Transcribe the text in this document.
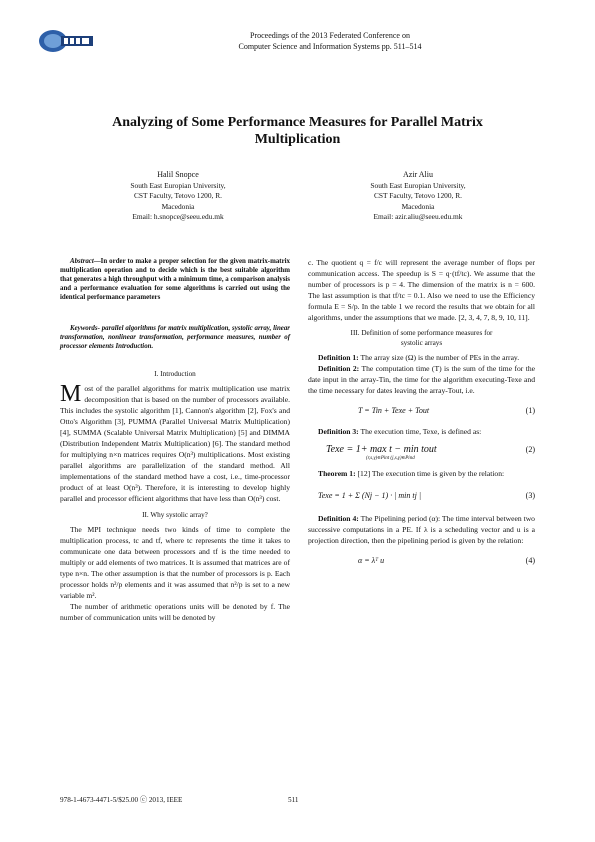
Proceedings of the 2013 Federated Conference on
Computer Science and Information Systems pp. 511–514
Analyzing of Some Performance Measures for Parallel Matrix
Multiplication
Halil Snopce
South East Europian University,
CST Faculty, Tetovo 1200, R.
Macedonia
Email: h.snopce@seeu.edu.mk
Azir Aliu
South East Europian University,
CST Faculty, Tetovo 1200, R.
Macedonia
Email: azir.aliu@seeu.edu.mk

Abstract—In order to make a proper selection for the given matrix-matrix multiplication operation and to decide which is the best suitable algorithm that generates a high throughput with a minimum time, a comparison analysis and a performance evaluation for some algorithms is carried out using the identical performance parameters

Keywords- parallel algorithms for matrix multiplication, systolic array, linear transformation, nonlinear transformation, performance measures, number of processor elements Introduction.

I. Introduction

Most of the parallel algorithms for matrix multiplication use matrix decomposition that is based on the number of processors available. This includes the systolic algorithm [1], Cannon's algorithm [2], Fox's and Otto's Algorithm [3], PUMMA (Parallel Universal Matrix Multiplication) [4], SUMMA (Scalable Universal Matrix Multiplication) [5] and DIMMA (Distribution Independent Matrix Multiplication) [6]. The standard method for multiplying n×n matrices requires O(n³) multiplications. Most existing parallel algorithms are parallelization of the standard method. All implementations of the standard method have a cost, i.e., time-processor product of at least O(n³). Therefore, it is interesting to develop highly parallel and processor efficient algorithms that have less than O(n³) cost.

II. Why systolic array?

The MPI technique needs two kinds of time to complete the multiplication process, tc and tf, where tc represents the time it takes to communicate one data between processors and tf is the time needed to multiply or add elements of two matrices. It is assumed that matrices are of type n×n. The other assumption is that the number of processors is p. Each processor holds n²/p elements and it was assumed that n²/p is set to a new variable m².

The number of arithmetic operations units will be denoted by f. The number of communication units will be denoted by

c. The quotient q = f/c will represent the average number of flops per communication access. The speedup is S = q·(tf/tc). We assume that the number of processors is p = 4. The dimension of the matrix is n = 600. The last assumption is that tf/tc = 0.1. Also we need to use the Efficiency formula E = S/p. In the table 1 we record the results that we obtain for all algorithms, under the assumptions that we made. [2, 3, 4, 7, 8, 9, 10, 11].

III. Definition of some performance measures for
systolic arrays

Definition 1: The array size (Ω) is the number of PEs in the array.

Definition 2: The computation time (T) is the sum of the time for the date input in the array-Tin, the time for the algorithm executing-Texe and the time necessary for dates leaving the array-Tout, i.e.

T = Tin + Texe + Tout	(1)

Definition 3: The execution time, Texe, is defined as:

Texe = 1+ max t − min tout	(2)
(r,s,γ)∈Pint (j,s,γ)∈Pind

Theorem 1: [12] The execution time is given by the relation:

Texe = 1 + Σ (Nj − 1) · | min tj |	(3)

Definition 4: The Pipelining period (α): The time interval between two successive computations in a PE. If λ is a scheduling vector and u is a projection direction, then the pipelining period is given by the relation:

α = λᵀ u	(4)
978-1-4673-4471-5/$25.00 ⓒ 2013, IEEE	511
